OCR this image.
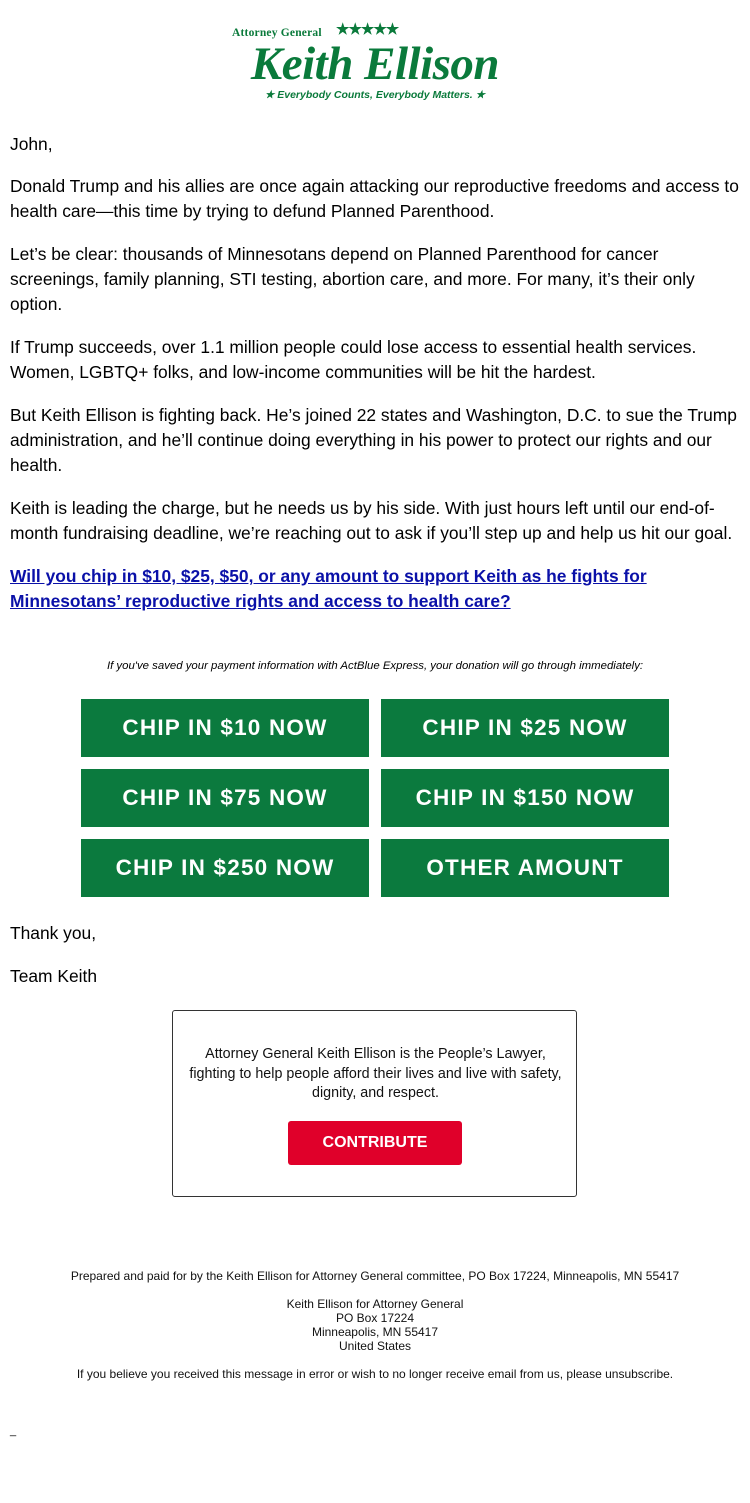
Attorney General ★★★★★
Keith Ellison
★ Everybody Counts, Everybody Matters. ★

John,

Donald Trump and his allies are once again attacking our reproductive freedoms and access to health care—this time by trying to defund Planned Parenthood.

Let’s be clear: thousands of Minnesotans depend on Planned Parenthood for cancer screenings, family planning, STI testing, abortion care, and more. For many, it’s their only option.

If Trump succeeds, over 1.1 million people could lose access to essential health services. Women, LGBTQ+ folks, and low-income communities will be hit the hardest.

But Keith Ellison is fighting back. He’s joined 22 states and Washington, D.C. to sue the Trump administration, and he’ll continue doing everything in his power to protect our rights and our health.

Keith is leading the charge, but he needs us by his side. With just hours left until our end-of-month fundraising deadline, we’re reaching out to ask if you’ll step up and help us hit our goal.

Will you chip in $10, $25, $50, or any amount to support Keith as he fights for Minnesotans’ reproductive rights and access to health care?
If you've saved your payment information with ActBlue Express, your donation will go through immediately:
CHIP IN $10 NOW	CHIP IN $25 NOW
CHIP IN $75 NOW	CHIP IN $150 NOW
CHIP IN $250 NOW	OTHER AMOUNT
Thank you,
Team Keith
Attorney General Keith Ellison is the People’s Lawyer, fighting to help people afford their lives and live with safety, dignity, and respect.
CONTRIBUTE
Prepared and paid for by the Keith Ellison for Attorney General committee, PO Box 17224, Minneapolis, MN 55417
Keith Ellison for Attorney General
PO Box 17224
Minneapolis, MN 55417
United States
If you believe you received this message in error or wish to no longer receive email from us, please unsubscribe.
_
